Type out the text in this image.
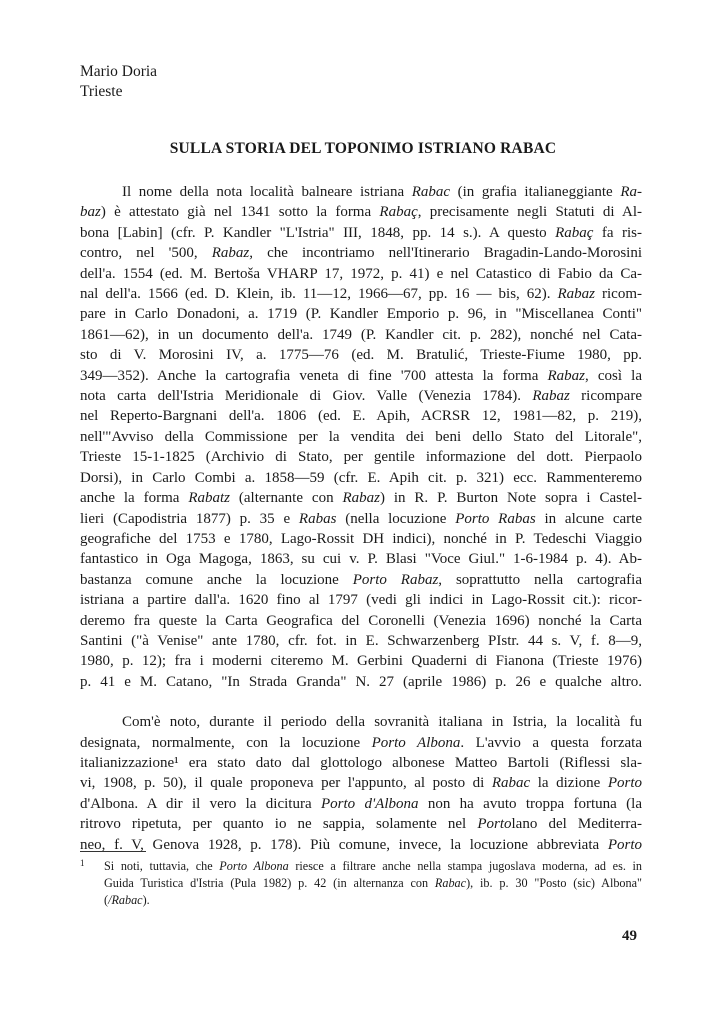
Mario Doria
Trieste
SULLA STORIA DEL TOPONIMO ISTRIANO RABAC

Il nome della nota località balneare istriana Rabac (in grafia italianeggiante Ra-
baz) è attestato già nel 1341 sotto la forma Rabaç, precisamente negli Statuti di Al-
bona [Labin] (cfr. P. Kandler "L'Istria" III, 1848, pp. 14 s.). A questo Rabaç fa ris-
contro, nel '500, Rabaz, che incontriamo nell'Itinerario Bragadin-Lando-Morosini
dell'a. 1554 (ed. M. Bertoša VHARP 17, 1972, p. 41) e nel Catastico di Fabio da Ca-
nal dell'a. 1566 (ed. D. Klein, ib. 11—12, 1966—67, pp. 16 — bis, 62). Rabaz ricom-
pare in Carlo Donadoni, a. 1719 (P. Kandler Emporio p. 96, in "Miscellanea Conti"
1861—62), in un documento dell'a. 1749 (P. Kandler cit. p. 282), nonché nel Cata-
sto di V. Morosini IV, a. 1775—76 (ed. M. Bratulić, Trieste-Fiume 1980, pp.
349—352). Anche la cartografia veneta di fine '700 attesta la forma Rabaz, così la
nota carta dell'Istria Meridionale di Giov. Valle (Venezia 1784). Rabaz ricompare
nel Reperto-Bargnani dell'a. 1806 (ed. E. Apih, ACRSR 12, 1981—82, p. 219),
nell'"Avviso della Commissione per la vendita dei beni dello Stato del Litorale",
Trieste 15-1-1825 (Archivio di Stato, per gentile informazione del dott. Pierpaolo
Dorsi), in Carlo Combi a. 1858—59 (cfr. E. Apih cit. p. 321) ecc. Rammenteremo
anche la forma Rabatz (alternante con Rabaz) in R. P. Burton Note sopra i Castel-
lieri (Capodistria 1877) p. 35 e Rabas (nella locuzione Porto Rabas in alcune carte
geografiche del 1753 e 1780, Lago-Rossit DH indici), nonché in P. Tedeschi Viaggio
fantastico in Oga Magoga, 1863, su cui v. P. Blasi "Voce Giul." 1-6-1984 p. 4). Ab-
bastanza comune anche la locuzione Porto Rabaz, soprattutto nella cartografia
istriana a partire dall'a. 1620 fino al 1797 (vedi gli indici in Lago-Rossit cit.): ricor-
deremo fra queste la Carta Geografica del Coronelli (Venezia 1696) nonché la Carta
Santini ("à Venise" ante 1780, cfr. fot. in E. Schwarzenberg PIstr. 44 s. V, f. 8—9,
1980, p. 12); fra i moderni citeremo M. Gerbini Quaderni di Fianona (Trieste 1976)
p. 41 e M. Catano, "In Strada Granda" N. 27 (aprile 1986) p. 26 e qualche altro.

Com'è noto, durante il periodo della sovranità italiana in Istria, la località fu
designata, normalmente, con la locuzione Porto Albona. L'avvio a questa forzata
italianizzazione¹ era stato dato dal glottologo albonese Matteo Bartoli (Riflessi sla-
vi, 1908, p. 50), il quale proponeva per l'appunto, al posto di Rabac la dizione Porto
d'Albona. A dir il vero la dicitura Porto d'Albona non ha avuto troppa fortuna (la
ritrovo ripetuta, per quanto io ne sappia, solamente nel Portolano del Mediterra-
neo, f. V, Genova 1928, p. 178). Più comune, invece, la locuzione abbreviata Porto

1 Si noti, tuttavia, che Porto Albona riesce a filtrare anche nella stampa jugoslava moderna, ad es. in
Guida Turistica d'Istria (Pula 1982) p. 42 (in alternanza con Rabac), ib. p. 30 "Posto (sic) Albona"
(/Rabac).
49
